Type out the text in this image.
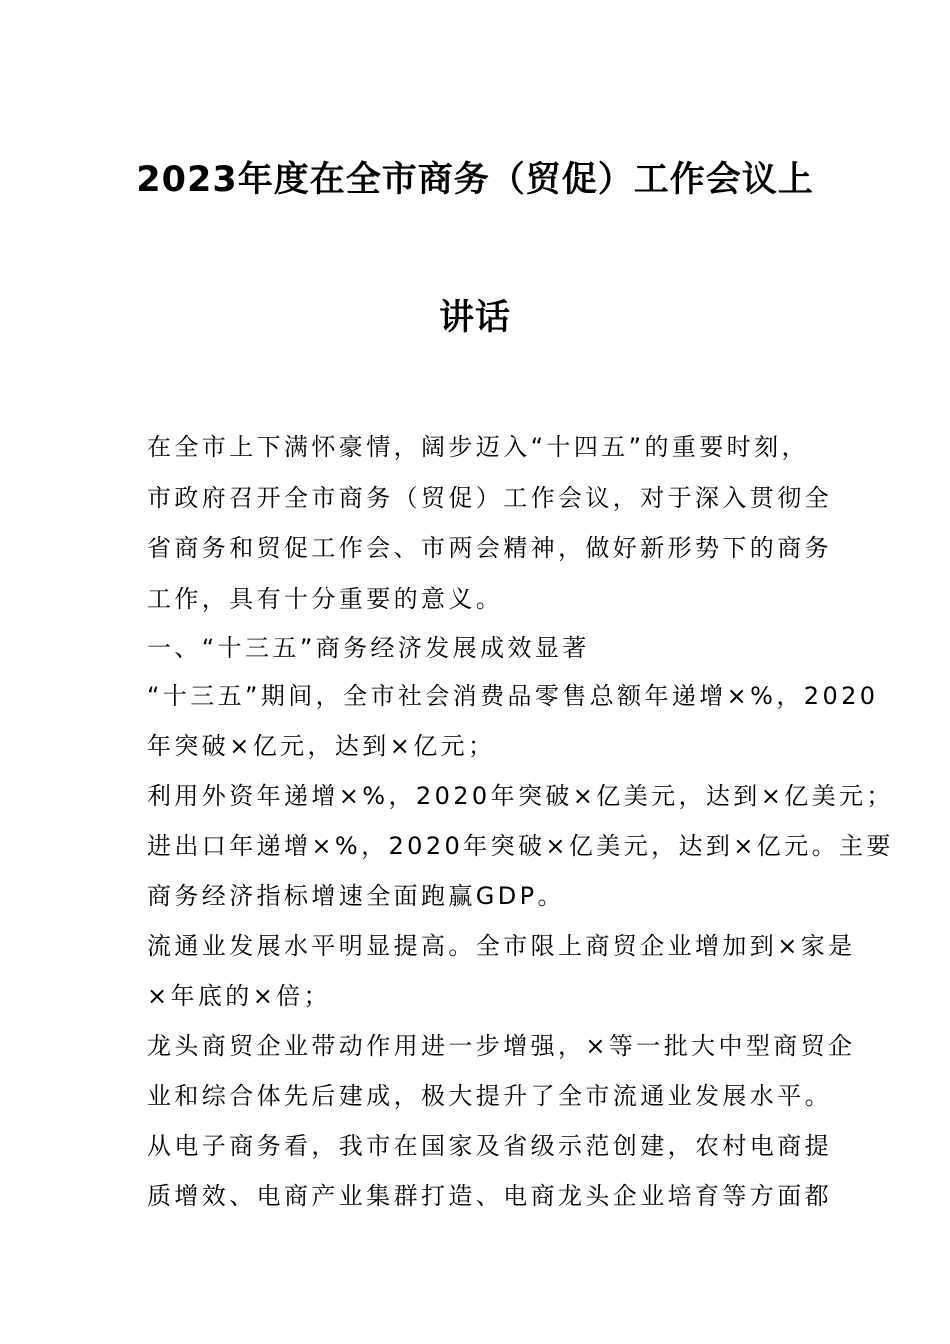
2023年度在全市商务（贸促）工作会议上
讲话
在全市上下满怀豪情，阔步迈入“十四五”的重要时刻，
市政府召开全市商务（贸促）工作会议，对于深入贯彻全
省商务和贸促工作会、市两会精神，做好新形势下的商务
工作，具有十分重要的意义。
一、“十三五”商务经济发展成效显著
“十三五”期间，全市社会消费品零售总额年递增×%，2020
年突破×亿元，达到×亿元；
利用外资年递增×%，2020年突破×亿美元，达到×亿美元；
进出口年递增×%，2020年突破×亿美元，达到×亿元。主要
商务经济指标增速全面跑赢GDP。
流通业发展水平明显提高。全市限上商贸企业增加到×家是
×年底的×倍；
龙头商贸企业带动作用进一步增强，×等一批大中型商贸企
业和综合体先后建成，极大提升了全市流通业发展水平。
从电子商务看，我市在国家及省级示范创建，农村电商提
质增效、电商产业集群打造、电商龙头企业培育等方面都
